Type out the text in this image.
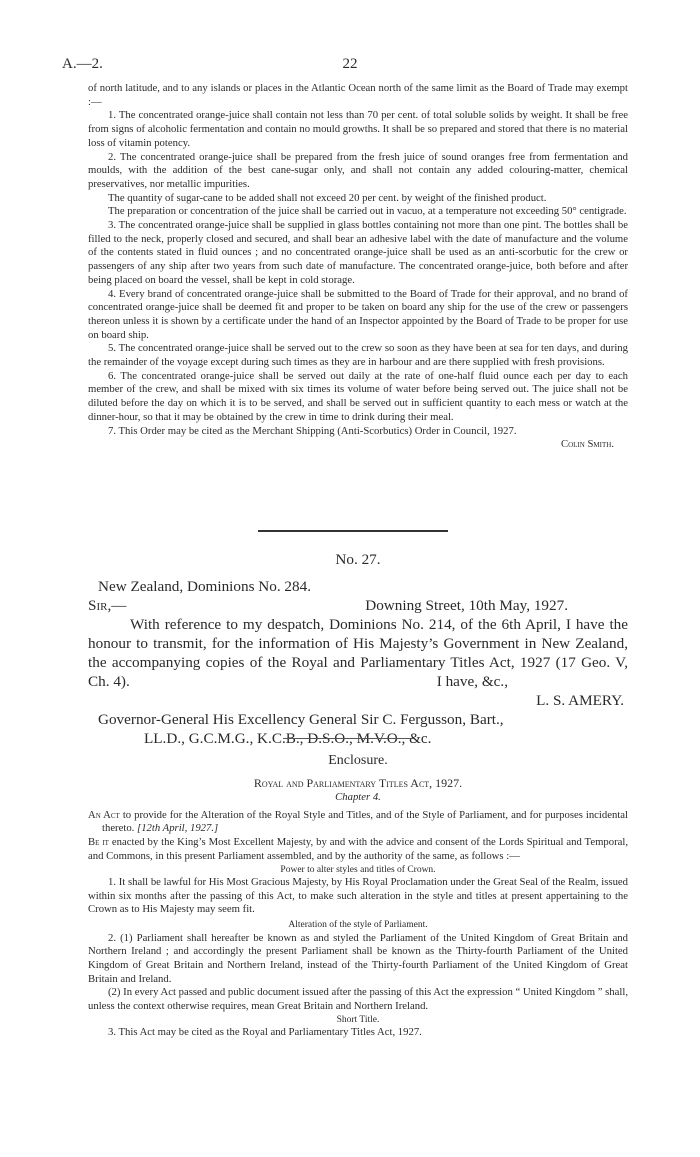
A.—2.	22

of north latitude, and to any islands or places in the Atlantic Ocean north of the same limit as the Board of Trade may exempt :—

1. The concentrated orange-juice shall contain not less than 70 per cent. of total soluble solids by weight. It shall be free from signs of alcoholic fermentation and contain no mould growths. It shall be so prepared and stored that there is no material loss of vitamin potency.

2. The concentrated orange-juice shall be prepared from the fresh juice of sound oranges free from fermentation and moulds, with the addition of the best cane-sugar only, and shall not contain any added colouring-matter, chemical preservatives, nor metallic impurities.

The quantity of sugar-cane to be added shall not exceed 20 per cent. by weight of the finished product.

The preparation or concentration of the juice shall be carried out in vacuo, at a temperature not exceeding 50° centigrade.

3. The concentrated orange-juice shall be supplied in glass bottles containing not more than one pint. The bottles shall be filled to the neck, properly closed and secured, and shall bear an adhesive label with the date of manufacture and the volume of the contents stated in fluid ounces ; and no concentrated orange-juice shall be used as an anti-scorbutic for the crew or passengers of any ship after two years from such date of manufacture. The concentrated orange-juice, both before and after being placed on board the vessel, shall be kept in cold storage.

4. Every brand of concentrated orange-juice shall be submitted to the Board of Trade for their approval, and no brand of concentrated orange-juice shall be deemed fit and proper to be taken on board any ship for the use of the crew or passengers thereon unless it is shown by a certificate under the hand of an Inspector appointed by the Board of Trade to be proper for use on board ship.

5. The concentrated orange-juice shall be served out to the crew so soon as they have been at sea for ten days, and during the remainder of the voyage except during such times as they are in harbour and are there supplied with fresh provisions.

6. The concentrated orange-juice shall be served out daily at the rate of one-half fluid ounce each per day to each member of the crew, and shall be mixed with six times its volume of water before being served out. The juice shall not be diluted before the day on which it is to be served, and shall be served out in sufficient quantity to each mess or watch at the dinner-hour, so that it may be obtained by the crew in time to drink during their meal.

7. This Order may be cited as the Merchant Shipping (Anti-Scorbutics) Order in Council, 1927.

Colin Smith.

No. 27.

New Zealand, Dominions No. 284.

Sir,—	Downing Street, 10th May, 1927.

With reference to my despatch, Dominions No. 214, of the 6th April, I have the honour to transmit, for the information of His Majesty’s Government in New Zealand, the accompanying copies of the Royal and Parliamentary Titles Act, 1927 (17 Geo. V, Ch. 4).	I have, &c.,

L. S. AMERY.

Governor-General His Excellency General Sir C. Fergusson, Bart.,

LL.D., G.C.M.G., K.C.B., D.S.O., M.V.O., &c.

Enclosure.

Royal and Parliamentary Titles Act, 1927.

Chapter 4.

An Act to provide for the Alteration of the Royal Style and Titles, and of the Style of Parliament, and for purposes incidental thereto. [12th April, 1927.]

Be it enacted by the King’s Most Excellent Majesty, by and with the advice and consent of the Lords Spiritual and Temporal, and Commons, in this present Parliament assembled, and by the authority of the same, as follows :—

Power to alter styles and titles of Crown.

1. It shall be lawful for His Most Gracious Majesty, by His Royal Proclamation under the Great Seal of the Realm, issued within six months after the passing of this Act, to make such alteration in the style and titles at present appertaining to the Crown as to His Majesty may seem fit.

Alteration of the style of Parliament.

2. (1) Parliament shall hereafter be known as and styled the Parliament of the United Kingdom of Great Britain and Northern Ireland ; and accordingly the present Parliament shall be known as the Thirty-fourth Parliament of the United Kingdom of Great Britain and Northern Ireland, instead of the Thirty-fourth Parliament of the United Kingdom of Great Britain and Ireland.

(2) In every Act passed and public document issued after the passing of this Act the expression “ United Kingdom ” shall, unless the context otherwise requires, mean Great Britain and Northern Ireland.

Short Title.

3. This Act may be cited as the Royal and Parliamentary Titles Act, 1927.
